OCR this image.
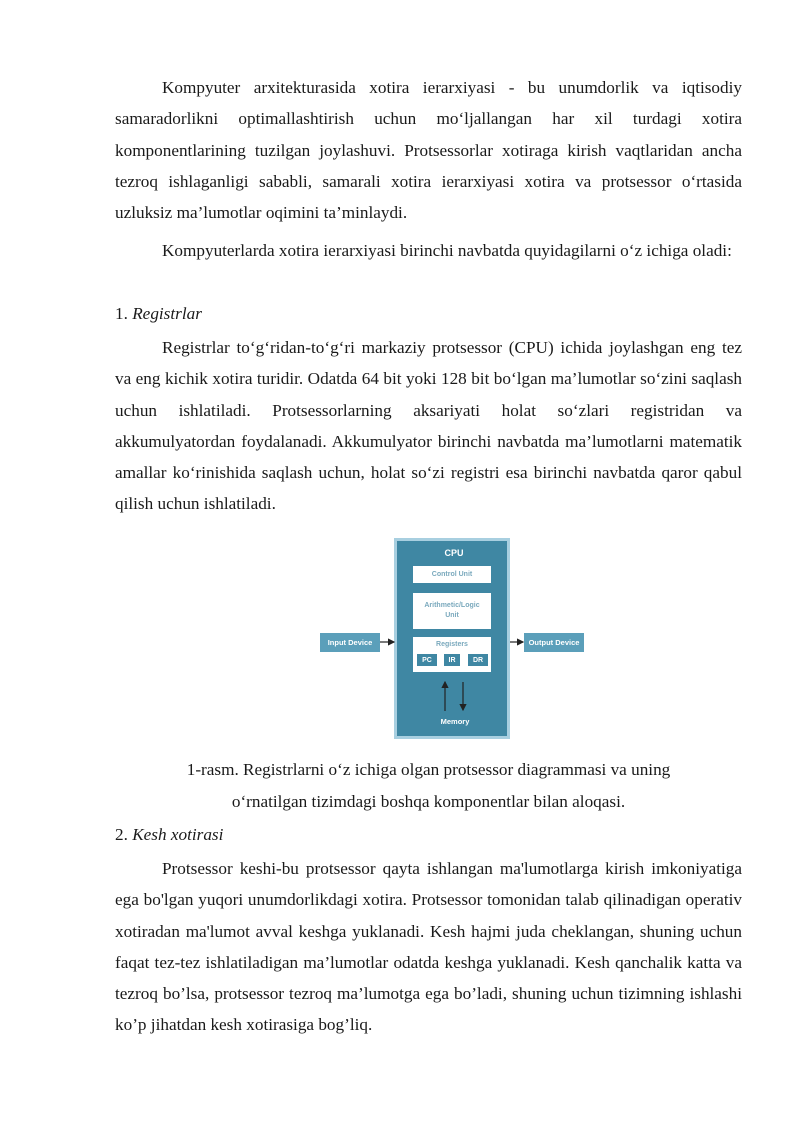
Kompyuter arxitekturasida xotira ierarxiyasi - bu unumdorlik va iqtisodiy samaradorlikni optimallashtirish uchun mo‘ljallangan har xil turdagi xotira komponentlarining tuzilgan joylashuvi. Protsessorlar xotiraga kirish vaqtlaridan ancha tezroq ishlaganligi sababli, samarali xotira ierarxiyasi xotira va protsessor o‘rtasida uzluksiz ma’lumotlar oqimini ta’minlaydi.

Kompyuterlarda xotira ierarxiyasi birinchi navbatda quyidagilarni o‘z ichiga oladi:

1. Registrlar

Registrlar to‘g‘ridan-to‘g‘ri markaziy protsessor (CPU) ichida joylashgan eng tez va eng kichik xotira turidir. Odatda 64 bit yoki 128 bit bo‘lgan ma’lumotlar so‘zini saqlash uchun ishlatiladi. Protsessorlarning aksariyati holat so‘zlari registridan va akkumulyatordan foydalanadi. Akkumulyator birinchi navbatda ma’lumotlarni matematik amallar ko‘rinishida saqlash uchun, holat so‘zi registri esa birinchi navbatda qaror qabul qilish uchun ishlatiladi.

CPU
Control Unit
Arithmetic/Logic
Unit
Registers
PC	IR	DR
Input Device	Output Device
Memory
1-rasm. Registrlarni o‘z ichiga olgan protsessor diagrammasi va uning
o‘rnatilgan tizimdagi boshqa komponentlar bilan aloqasi.

2. Kesh xotirasi

Protsessor keshi-bu protsessor qayta ishlangan ma'lumotlarga kirish imkoniyatiga ega bo'lgan yuqori unumdorlikdagi xotira. Protsessor tomonidan talab qilinadigan operativ xotiradan ma'lumot avval keshga yuklanadi. Kesh hajmi juda cheklangan, shuning uchun faqat tez-tez ishlatiladigan ma’lumotlar odatda keshga yuklanadi. Kesh qanchalik katta va tezroq bo’lsa, protsessor tezroq ma’lumotga ega bo’ladi, shuning uchun tizimning ishlashi ko’p jihatdan kesh xotirasiga bog’liq.
